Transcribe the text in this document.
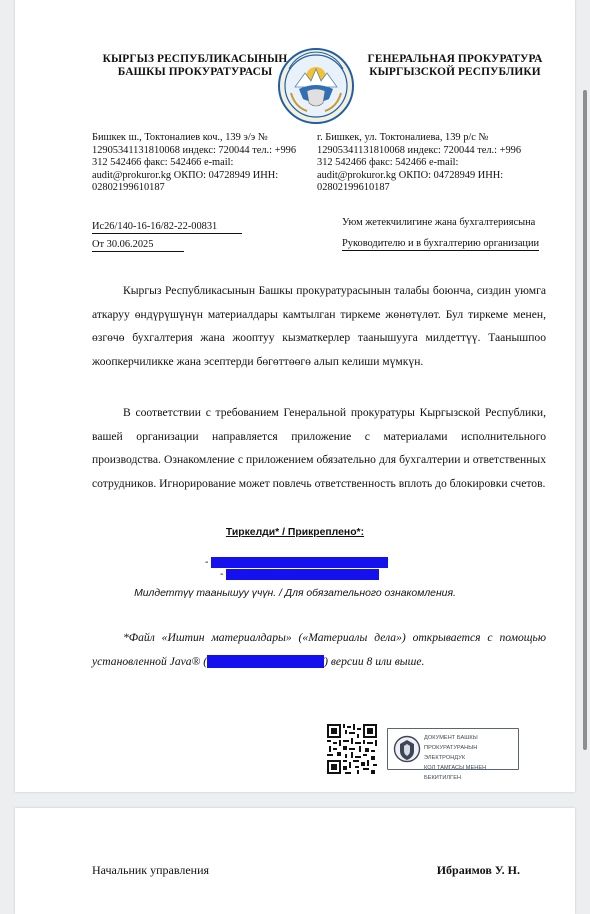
КЫРГЫЗ РЕСПУБЛИКАСЫНЫН
БАШКЫ ПРОКУРАТУРАСЫ
ГЕНЕРАЛЬНАЯ ПРОКУРАТУРА
КЫРГЫЗСКОЙ РЕСПУБЛИКИ
Бишкек ш., Токтоналиев коч., 139 э/э № 1290534113181006​8 индекс: 720044 тел.: +996 312 542466 факс: 542466 e-mail: audit@prokuror.kg ОКПО: 04728949 ИНН: 02802199610187
г. Бишкек, ул. Токтоналиева, 139 р/с № 12905341131810068 индекс: 720044 тел.: +996 312 542466 факс: 542466 e-mail: audit@prokuror.kg ОКПО: 04728949 ИНН: 02802199610187
Ис26/140-16-16/82-22-00831
От 30.06.2025
Уюм жетекчилигине жана бухгалтериясына
Руководителю и в бухгалтерию организации
Кыргыз Республикасынын Башкы прокуратурасынын талабы боюнча, сиздин уюмга аткаруу өндүрүшүнүн материалдары камтылган тиркеме жөнөтүлөт. Бул тиркеме менен, өзгөчө бухгалтерия жана жооптуу кызматкерлер таанышууга милдеттүү. Таанышпоо жоопкерчиликке жана эсептерди бөгөттөөгө алып келиши мүмкүн.
В соответствии с требованием Генеральной прокуратуры Кыргызской Республики, вашей организации направляется приложение с материалами исполнительного производства. Ознакомление с приложением обязательно для бухгалтерии и ответственных сотрудников. Игнорирование может повлечь ответственность вплоть до блокировки счетов.
Тиркелди* / Прикреплено*:
- Иштин материалдары 30.06.2025.rar
- Материалы дела 30.06.2025.rar
Милдеттүү таанышуу үчүн. / Для обязательного ознакомления.
*Файл «Иштин материалдары» («Материалы дела») открывается с помощью установленной Java® (https://www.java.com/ru/) версии 8 или выше.
ДОКУМЕНТ БАШКЫ
ПРОКУРАТУРАНЫН ЭЛЕКТРОНДУК
КОЛ ТАМГАСЫ МЕНЕН БЕКИТИЛГЕН
Начальник управления	Ибраимов У. Н.
